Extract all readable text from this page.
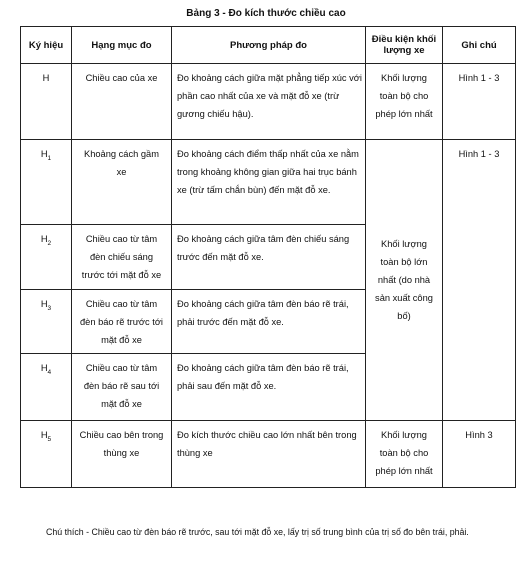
Bảng 3 - Đo kích thước chiều cao
Ký hiệu	Hạng mục đo	Phương pháp đo	Điều kiện khối lượng xe	Ghi chú
H	Chiều cao của xe	Đo khoảng cách giữa mặt phẳng tiếp xúc với phần cao nhất của xe và mặt đỗ xe (trừ gương chiếu hậu).	Khối lượng toàn bộ cho phép lớn nhất	Hình 1 - 3
$H_1$	Khoảng cách gầm xe	Đo khoảng cách điểm thấp nhất của xe nằm trong khoảng không gian giữa hai trục bánh xe (trừ tấm chắn bùn) đến mặt đỗ xe.	Khối lượng toàn bộ lớn nhất (do nhà sản xuất công bố)	Hình 1 - 3
$H_2$	Chiều cao từ tâm đèn chiếu sáng trước tới mặt đỗ xe	Đo khoảng cách giữa tâm đèn chiếu sáng trước đến mặt đỗ xe.		
$H_3$	Chiều cao từ tâm đèn báo rẽ trước tới mặt đỗ xe	Đo khoảng cách giữa tâm đèn báo rẽ trái, phải trước đến mặt đỗ xe.		
$H_4$	Chiều cao từ tâm đèn báo rẽ sau tới mặt đỗ xe	Đo khoảng cách giữa tâm đèn báo rẽ trái, phải sau đến mặt đỗ xe.		
$H_5$	Chiều cao bên trong thùng xe	Đo kích thước chiều cao lớn nhất bên trong thùng xe	Khối lượng toàn bộ cho phép lớn nhất	Hình 3
Chú thích - Chiều cao từ đèn báo rẽ trước, sau tới mặt đỗ xe, lấy trị số trung bình của trị số đo bên trái, phải.
